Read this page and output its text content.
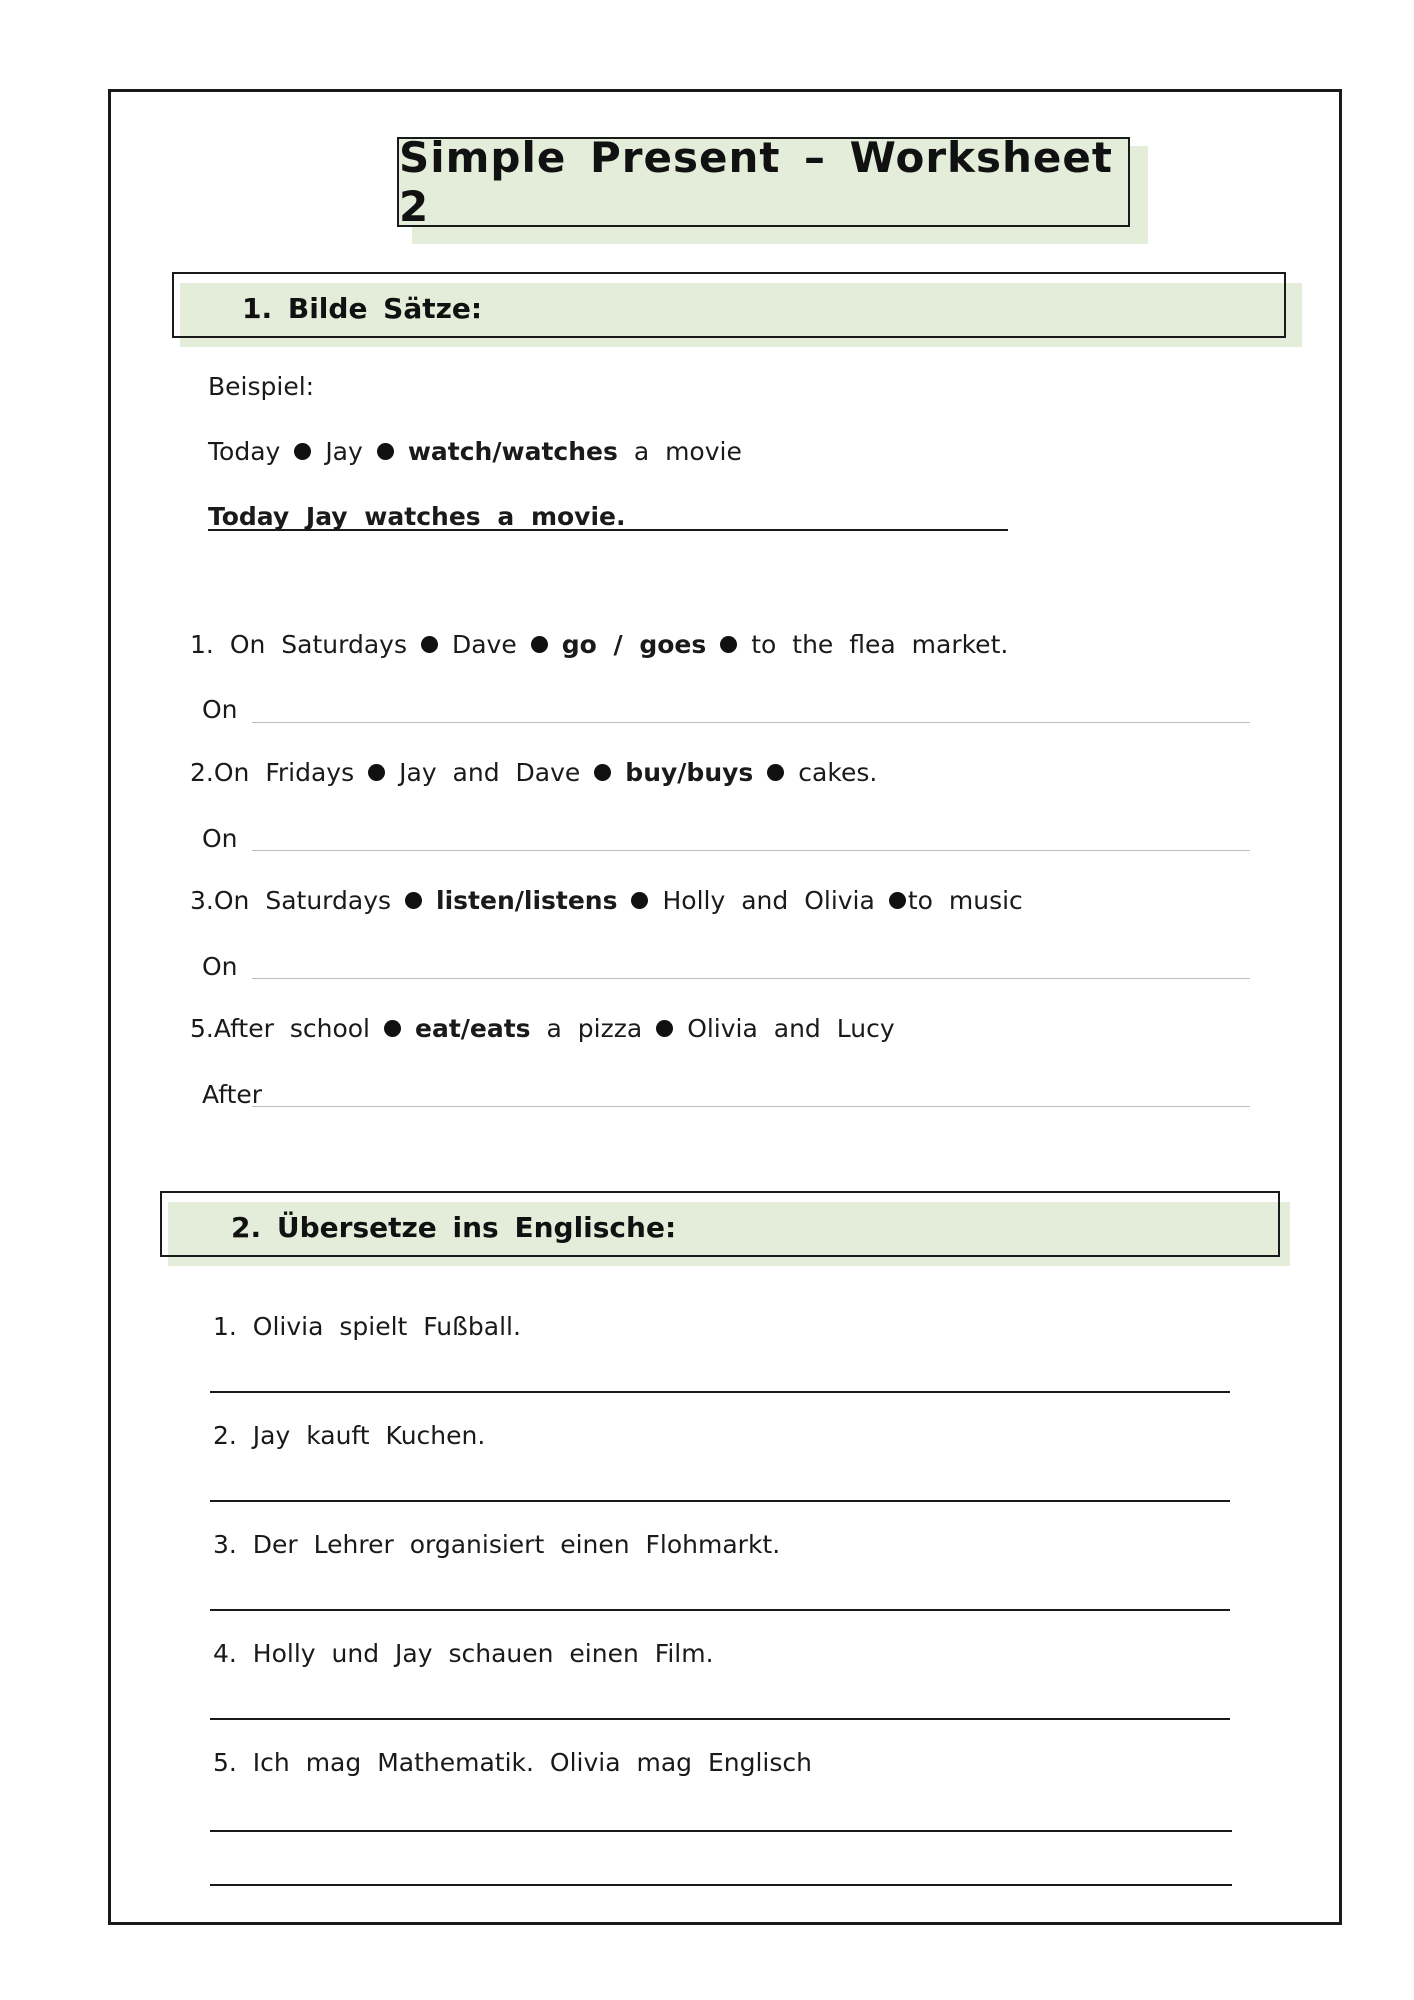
Simple Present – Worksheet 2
1. Bilde Sätze:
Beispiel:
Today Jay watch/watches a movie
Today Jay watches a movie.
1. On Saturdays Dave go / goes to the flea market.
On
2.On Fridays Jay and Dave buy/buys cakes.
On
3.On Saturdays listen/listens Holly and Olivia to music
On
5.After school eat/eats a pizza Olivia and Lucy
After
2. Übersetze ins Englische:
1. Olivia spielt Fußball.
2. Jay kauft Kuchen.
3. Der Lehrer organisiert einen Flohmarkt.
4. Holly und Jay schauen einen Film.
5. Ich mag Mathematik. Olivia mag Englisch
